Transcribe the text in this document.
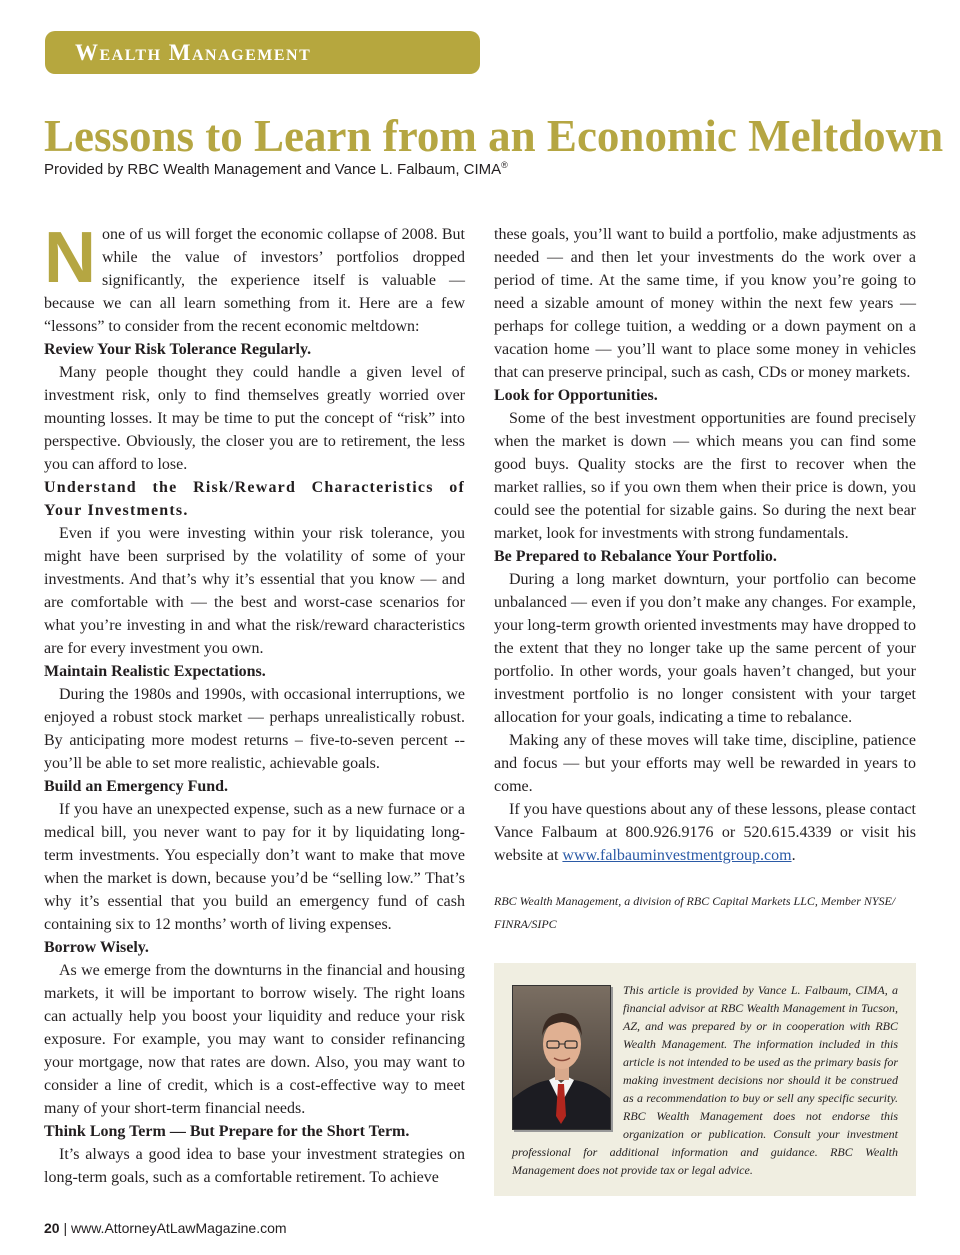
Wealth Management
Lessons to Learn from an Economic Meltdown
Provided by RBC Wealth Management and Vance L. Falbaum, CIMA®

None of us will forget the economic collapse of 2008. But while the value of investors’ portfolios dropped significantly, the experience itself is valuable — because we can all learn something from it. Here are a few “lessons” to consider from the recent economic meltdown:

Review Your Risk Tolerance Regularly.

Many people thought they could handle a given level of investment risk, only to find themselves greatly worried over mounting losses. It may be time to put the concept of “risk” into perspective. Obviously, the closer you are to retirement, the less you can afford to lose.

Understand the Risk/Reward Characteristics of Your Investments.

Even if you were investing within your risk tolerance, you might have been surprised by the volatility of some of your investments. And that’s why it’s essential that you know — and are comfortable with — the best and worst-case scenarios for what you’re investing in and what the risk/reward characteristics are for every investment you own.

Maintain Realistic Expectations.

During the 1980s and 1990s, with occasional interruptions, we enjoyed a robust stock market — perhaps unrealistically robust. By anticipating more modest returns – five-to-seven percent -- you’ll be able to set more realistic, achievable goals.

Build an Emergency Fund.

If you have an unexpected expense, such as a new furnace or a medical bill, you never want to pay for it by liquidating long-term investments. You especially don’t want to make that move when the market is down, because you’d be “selling low.” That’s why it’s essential that you build an emergency fund of cash containing six to 12 months’ worth of living expenses.

Borrow Wisely.

As we emerge from the downturns in the financial and housing markets, it will be important to borrow wisely. The right loans can actually help you boost your liquidity and reduce your risk exposure. For example, you may want to consider refinancing your mortgage, now that rates are down. Also, you may want to consider a line of credit, which is a cost-effective way to meet many of your short-term financial needs.

Think Long Term — But Prepare for the Short Term.

It’s always a good idea to base your investment strategies on long-term goals, such as a comfortable retirement. To achieve

these goals, you’ll want to build a portfolio, make adjustments as needed — and then let your investments do the work over a period of time. At the same time, if you know you’re going to need a sizable amount of money within the next few years — perhaps for college tuition, a wedding or a down payment on a vacation home — you’ll want to place some money in vehicles that can preserve principal, such as cash, CDs or money markets.

Look for Opportunities.

Some of the best investment opportunities are found precisely when the market is down — which means you can find some good buys. Quality stocks are the first to recover when the market rallies, so if you own them when their price is down, you could see the potential for sizable gains. So during the next bear market, look for investments with strong fundamentals.

Be Prepared to Rebalance Your Portfolio.

During a long market downturn, your portfolio can become unbalanced — even if you don’t make any changes. For example, your long-term growth oriented investments may have dropped to the extent that they no longer take up the same percent of your portfolio. In other words, your goals haven’t changed, but your investment portfolio is no longer consistent with your target allocation for your goals, indicating a time to rebalance.

Making any of these moves will take time, discipline, patience and focus — but your efforts may well be rewarded in years to come.

If you have questions about any of these lessons, please contact Vance Falbaum at 800.926.9176 or 520.615.4339 or visit his website at www.falbauminvestmentgroup.com.

RBC Wealth Management, a division of RBC Capital Markets LLC, Member NYSE/ FINRA/SIPC
This article is provided by Vance L. Falbaum, CIMA, a financial advisor at RBC Wealth Management in Tucson, AZ, and was prepared by or in cooperation with RBC Wealth Management. The information included in this article is not intended to be used as the primary basis for making investment decisions nor should it be construed as a recommendation to buy or sell any specific security. RBC Wealth Management does not endorse this organization or publication. Consult your investment professional for additional information and guidance. RBC Wealth Management does not provide tax or legal advice.
20 | www.AttorneyAtLawMagazine.com
